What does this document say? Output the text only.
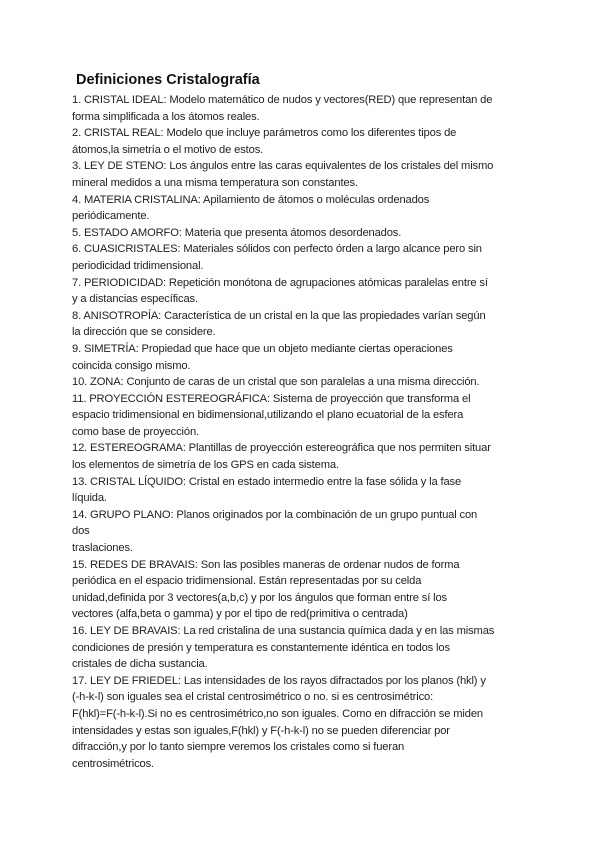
Definiciones Cristalografía

1. CRISTAL IDEAL: Modelo matemático de nudos y vectores(RED) que representan de

forma simplificada a los átomos reales.

2. CRISTAL REAL: Modelo que incluye parámetros como los diferentes tipos de

átomos,la simetría o el motivo de estos.

3. LEY DE STENO: Los ángulos entre las caras equivalentes de los cristales del mismo

mineral medidos a una misma temperatura son constantes.

4. MATERIA CRISTALINA: Apilamiento de átomos o moléculas ordenados

periódicamente.

5. ESTADO AMORFO: Materia que presenta átomos desordenados.

6. CUASICRISTALES: Materiales sólidos con perfecto órden a largo alcance pero sin

periodicidad tridimensional.

7. PERIODICIDAD: Repetición monótona de agrupaciones atómicas paralelas entre sí

y a distancias específicas.

8. ANISOTROPÍA: Característica de un cristal en la que las propiedades varían según

la dirección que se considere.

9. SIMETRÍA: Propiedad que hace que un objeto mediante ciertas operaciones

coincida consigo mismo.

10. ZONA: Conjunto de caras de un cristal que son paralelas a una misma dirección.

11. PROYECCIÓN ESTEREOGRÁFICA: Sistema de proyección que transforma el

espacio tridimensional en bidimensional,utilizando el plano ecuatorial de la esfera

como base de proyección.

12. ESTEREOGRAMA: Plantillas de proyección estereográfica que nos permiten situar

los elementos de simetría de los GPS en cada sistema.

13. CRISTAL LÍQUIDO: Cristal en estado intermedio entre la fase sólida y la fase

líquida.

14. GRUPO PLANO: Planos originados por la combinación de un grupo puntual con

dos

traslaciones.

15. REDES DE BRAVAIS: Son las posibles maneras de ordenar nudos de forma

periódica en el espacio tridimensional. Están representadas por su celda

unidad,definida por 3 vectores(a,b,c) y por los ángulos que forman entre sí los

vectores (alfa,beta o gamma) y por el tipo de red(primitiva o centrada)

16. LEY DE BRAVAIS: La red cristalina de una sustancia química dada y en las mismas

condiciones de presión y temperatura es constantemente idéntica en todos los

cristales de dicha sustancia.

17. LEY DE FRIEDEL: Las intensidades de los rayos difractados por los planos (hkl) y

(-h-k-l) son iguales sea el cristal centrosimétrico o no. si es centrosimétrico:

F(hkl)=F(-h-k-l).Si no es centrosimétrico,no son iguales. Como en difracción se miden

intensidades y estas son iguales,F(hkl) y F(-h-k-l) no se pueden diferenciar por

difracción,y por lo tanto siempre veremos los cristales como si fueran

centrosimétricos.
